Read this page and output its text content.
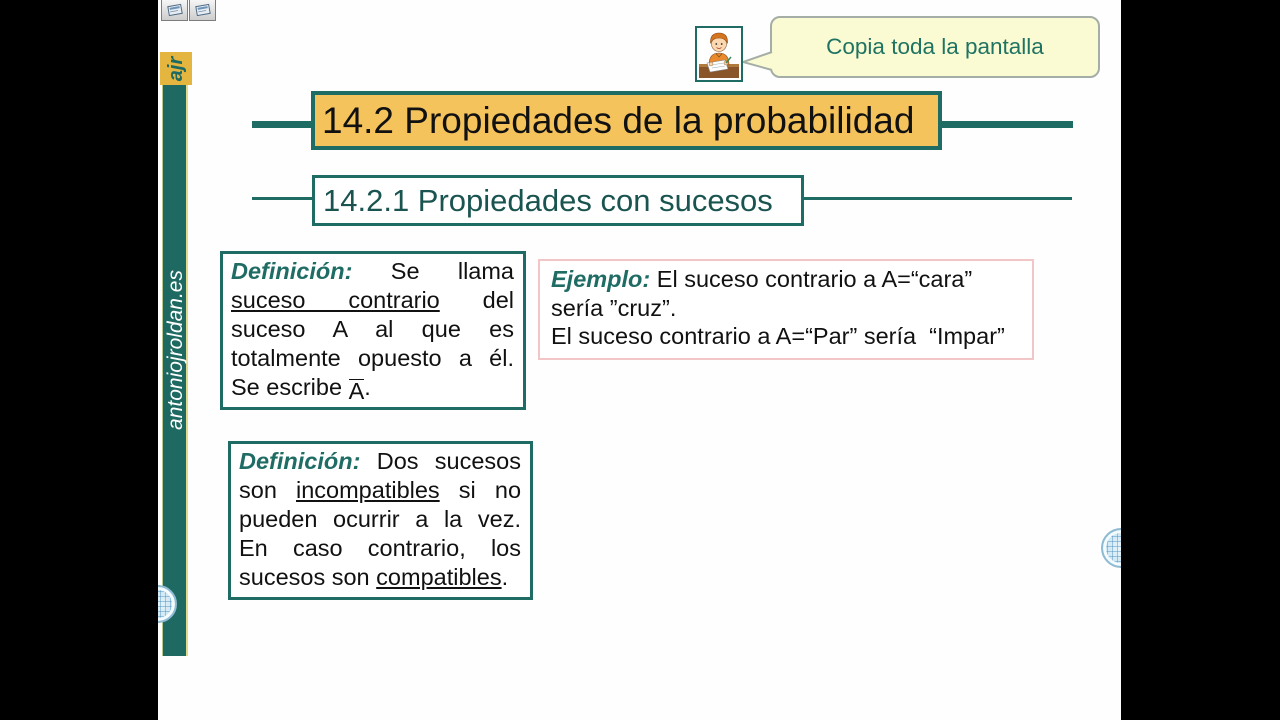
ajr
antoniojroldan.es
Copia toda la pantalla
14.2 Propiedades de la probabilidad
14.2.1 Propiedades con sucesos
Definición: Se llama
suceso contrario del
suceso A al que es
totalmente opuesto a él.
Se escribe A.
Definición: Dos sucesos
son incompatibles si no
pueden ocurrir a la vez.
En caso contrario, los
sucesos son compatibles.
Ejemplo: El suceso contrario a A=“cara”
sería ”cruz”.
El suceso contrario a A=“Par” sería  “Impar”
